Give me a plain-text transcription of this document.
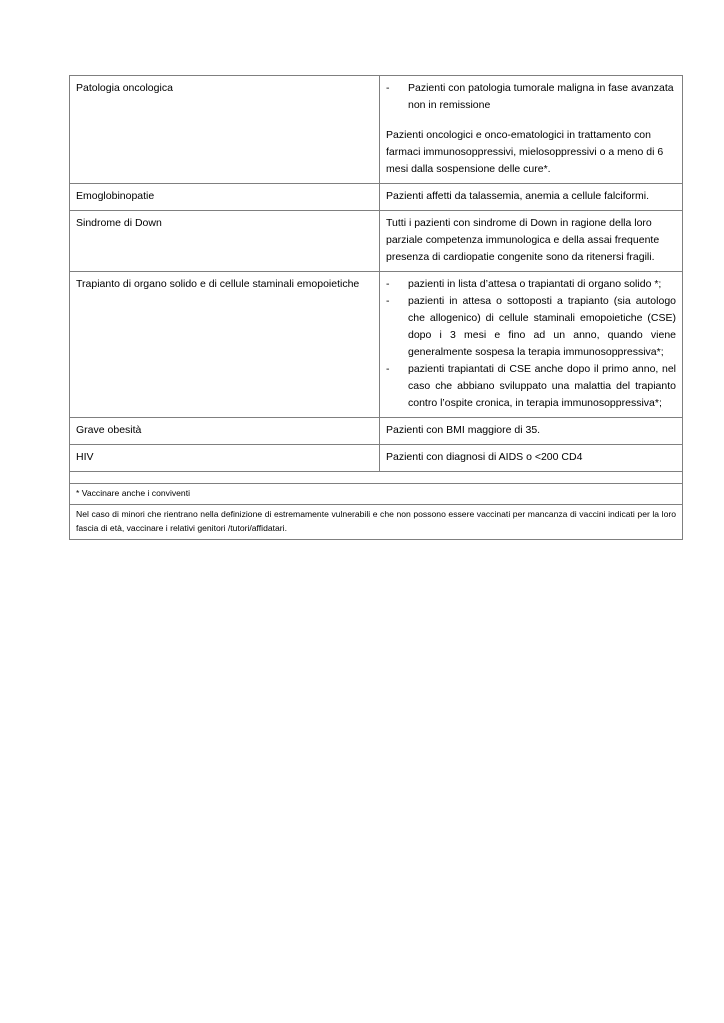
Patologia oncologica	-	Pazienti con patologia tumorale maligna in fase avanzata non in remissione
Pazienti oncologici e onco-ematologici in trattamento con farmaci immunosoppressivi, mielosoppressivi o a meno di 6 mesi dalla sospensione delle cure*.

Emoglobinopatie	Pazienti affetti da talassemia, anemia a cellule falciformi.

Sindrome di Down	Tutti i pazienti con sindrome di Down in ragione della loro parziale competenza immunologica e della assai frequente presenza di cardiopatie congenite sono da ritenersi fragili.

Trapianto di organo solido e di cellule staminali emopoietiche	-	pazienti in lista d’attesa o trapiantati di organo solido *;
-	pazienti in attesa o sottoposti a trapianto (sia autologo che allogenico) di cellule staminali emopoietiche (CSE) dopo i 3 mesi e fino ad un anno, quando viene generalmente sospesa la terapia immunosoppressiva*;
-	pazienti trapiantati di CSE anche dopo il primo anno, nel caso che abbiano sviluppato una malattia del trapianto contro l’ospite cronica, in terapia immunosoppressiva*;

Grave obesità	Pazienti con BMI maggiore di 35.

HIV	Pazienti con diagnosi di AIDS o <200 CD4

* Vaccinare anche i conviventi	

Nel caso di minori che rientrano nella definizione di estremamente vulnerabili e che non possono essere vaccinati per mancanza di vaccini indicati per la loro fascia di età, vaccinare i relativi genitori /tutori/affidatari.	
